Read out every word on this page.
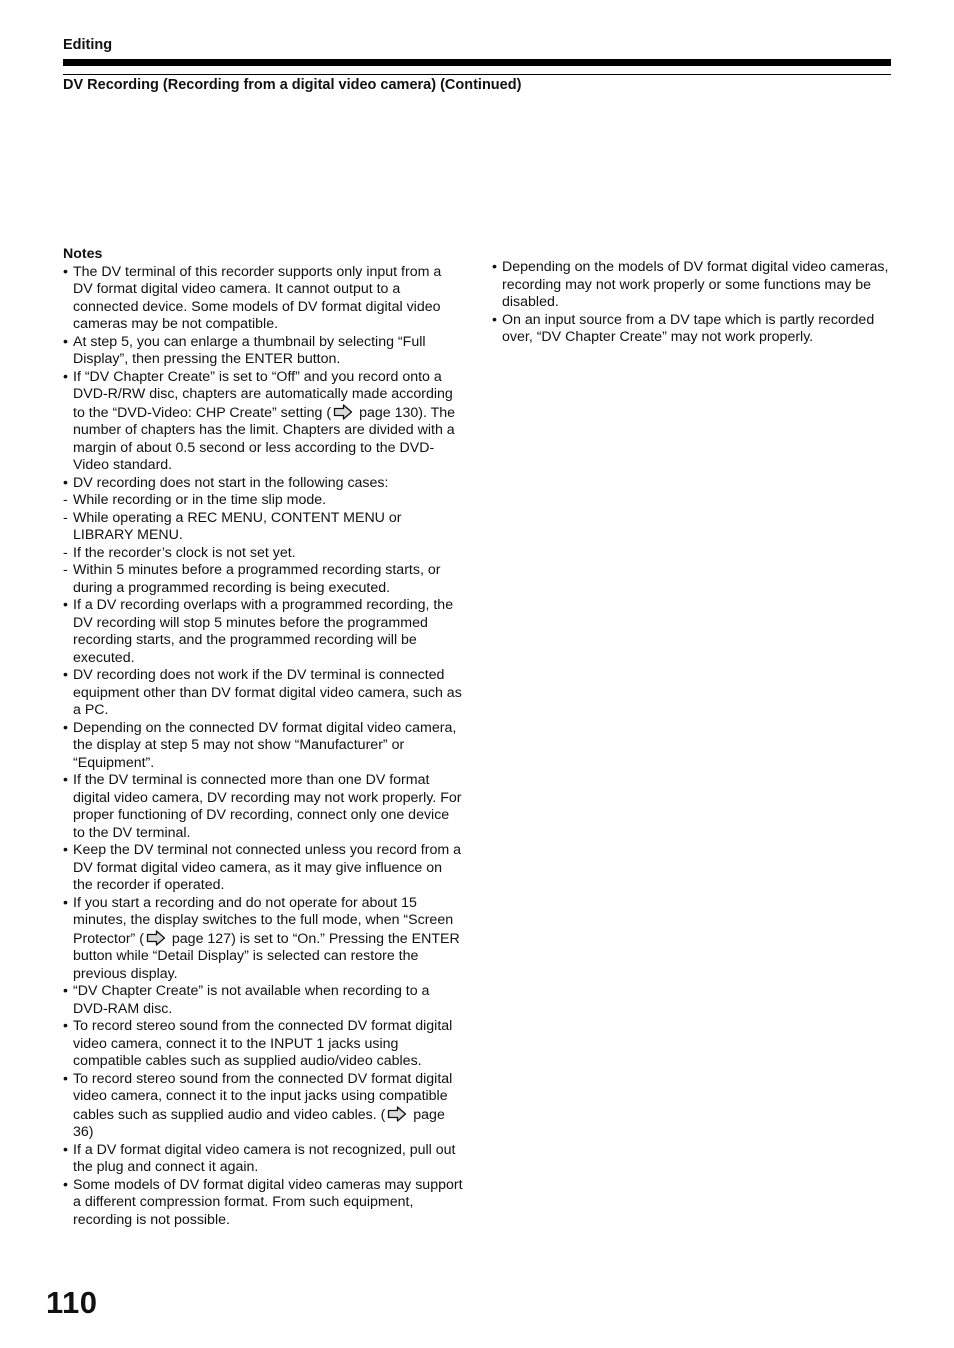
Editing
DV Recording (Recording from a digital video camera) (Continued)
Notes
• The DV terminal of this recorder supports only input from a DV format digital video camera. It cannot output to a connected device. Some models of DV format digital video cameras may be not compatible.
• At step 5, you can enlarge a thumbnail by selecting “Full Display”, then pressing the ENTER button.
• If “DV Chapter Create” is set to “Off” and you record onto a DVD-R/RW disc, chapters are automatically made according to the “DVD-Video: CHP Create” setting ( page 130). The number of chapters has the limit. Chapters are divided with a margin of about 0.5 second or less according to the DVD-Video standard.
• DV recording does not start in the following cases:
- While recording or in the time slip mode.
- While operating a REC MENU, CONTENT MENU or LIBRARY MENU.
- If the recorder’s clock is not set yet.
- Within 5 minutes before a programmed recording starts, or during a programmed recording is being executed.
• If a DV recording overlaps with a programmed recording, the DV recording will stop 5 minutes before the programmed recording starts, and the programmed recording will be executed.
• DV recording does not work if the DV terminal is connected equipment other than DV format digital video camera, such as a PC.
• Depending on the connected DV format digital video camera, the display at step 5 may not show “Manufacturer” or “Equipment”.
• If the DV terminal is connected more than one DV format digital video camera, DV recording may not work properly. For proper functioning of DV recording, connect only one device to the DV terminal.
• Keep the DV terminal not connected unless you record from a DV format digital video camera, as it may give influence on the recorder if operated.
• If you start a recording and do not operate for about 15 minutes, the display switches to the full mode, when “Screen Protector” ( page 127) is set to “On.” Pressing the ENTER button while “Detail Display” is selected can restore the previous display.
• “DV Chapter Create” is not available when recording to a DVD-RAM disc.
• To record stereo sound from the connected DV format digital video camera, connect it to the INPUT 1 jacks using compatible cables such as supplied audio/video cables.
• To record stereo sound from the connected DV format digital video camera, connect it to the input jacks using compatible cables such as supplied audio and video cables. ( page 36)
• If a DV format digital video camera is not recognized, pull out the plug and connect it again.
• Some models of DV format digital video cameras may support a different compression format. From such equipment, recording is not possible.
• Depending on the models of DV format digital video cameras, recording may not work properly or some functions may be disabled.
• On an input source from a DV tape which is partly recorded over, “DV Chapter Create” may not work properly.
110
